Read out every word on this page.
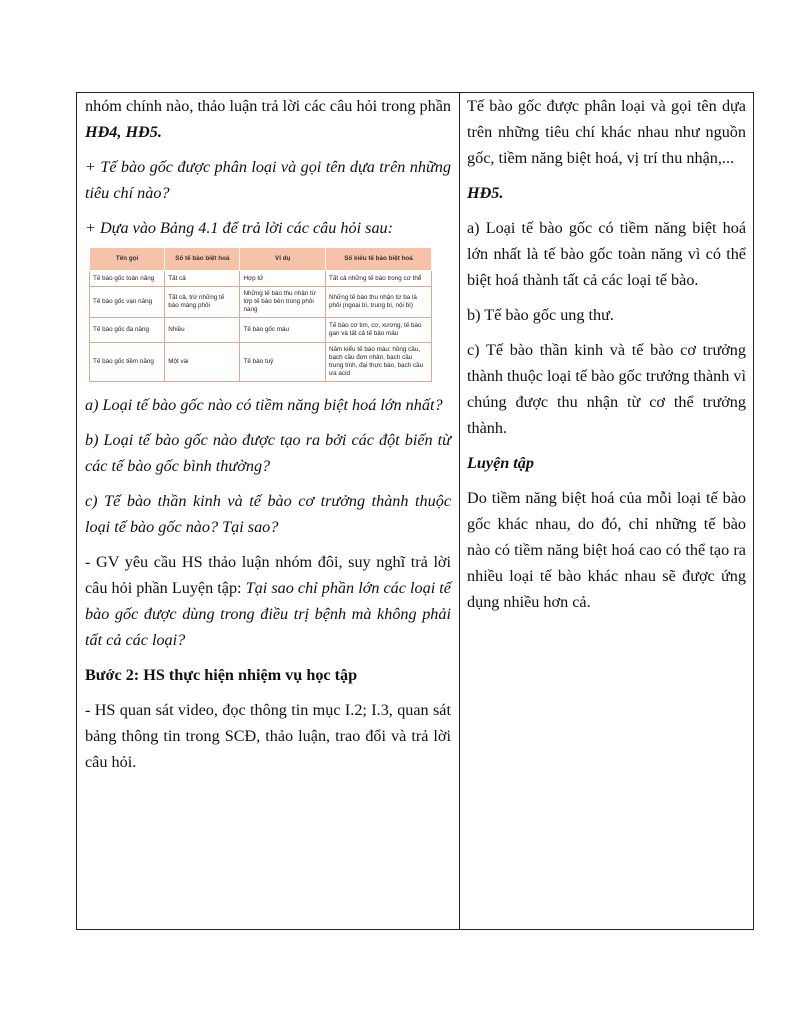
nhóm chính nào, thảo luận trả lời các câu hỏi trong phần HĐ4, HĐ5.

+ Tế bào gốc được phân loại và gọi tên dựa trên những tiêu chí nào?

+ Dựa vào Bảng 4.1 để trả lời các câu hỏi sau:

Tên gọi	Số tế bào biệt hoá	Ví dụ	Số kiểu tế bào biệt hoá
Tế bào gốc toàn năng	Tất cả	Hợp tử	Tất cả những tế bào trong cơ thể
Tế bào gốc vạn năng	Tất cả, trừ những tế bào màng phôi	Những tế bào thu nhận từ lớp tế bào bên trong phôi nang	Những tế bào thu nhận từ ba lá phôi (ngoại bì, trung bì, nội bì)
Tế bào gốc đa năng	Nhiều	Tế bào gốc máu	Tế bào cơ tim, cơ, xương, tế bào gan và tất cả tế bào máu
Tế bào gốc tiềm năng	Một vài	Tế bào tuỷ	Năm kiểu tế bào máu: hồng cầu, bạch cầu đơn nhân, bạch cầu trung tính, đại thực bào, bạch cầu ưa acid

a) Loại tế bào gốc nào có tiềm năng biệt hoá lớn nhất?

b) Loại tế bào gốc nào được tạo ra bởi các đột biến từ các tế bào gốc bình thường?

c) Tế bào thần kinh và tế bào cơ trưởng thành thuộc loại tế bào gốc nào? Tại sao?

- GV yêu cầu HS thảo luận nhóm đôi, suy nghĩ trả lời câu hỏi phần Luyện tập: Tại sao chỉ phần lớn các loại tế bào gốc được dùng trong điều trị bệnh mà không phải tất cả các loại?

Bước 2: HS thực hiện nhiệm vụ học tập

- HS quan sát video, đọc thông tin mục I.2; I.3, quan sát bảng thông tin trong SCĐ, thảo luận, trao đổi và trả lời câu hỏi.

Tế bào gốc được phân loại và gọi tên dựa trên những tiêu chí khác nhau như nguồn gốc, tiềm năng biệt hoá, vị trí thu nhận,...

HĐ5.

a) Loại tế bào gốc có tiềm năng biệt hoá lớn nhất là tế bào gốc toàn năng vì có thể biệt hoá thành tất cả các loại tế bào.

b) Tế bào gốc ung thư.

c) Tế bào thần kinh và tế bào cơ trưởng thành thuộc loại tế bào gốc trưởng thành vì chúng được thu nhận từ cơ thể trưởng thành.

Luyện tập

Do tiềm năng biệt hoá của mỗi loại tế bào gốc khác nhau, do đó, chỉ những tế bào nào có tiềm năng biệt hoá cao có thể tạo ra nhiều loại tế bào khác nhau sẽ được ứng dụng nhiều hơn cả.
